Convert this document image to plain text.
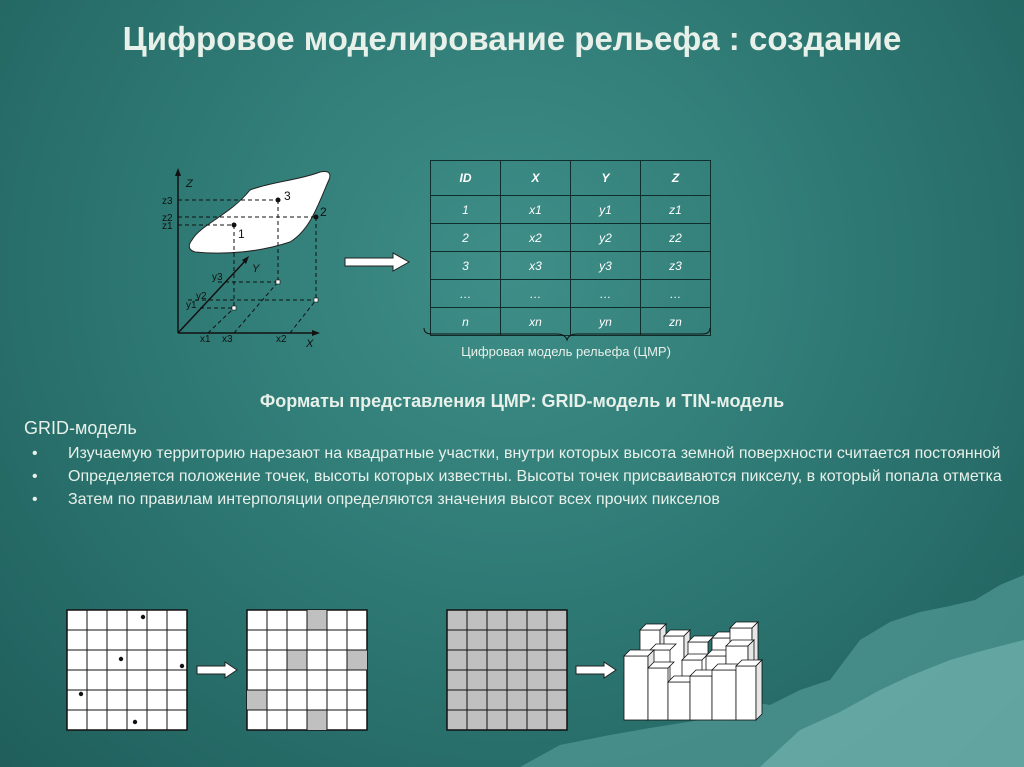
Цифровое моделирование рельефа : создание
Z
Y
X
z3
z2
z1
y3
y2
y1
x1 x3	x2
1
2
3
ID	X	Y	Z
1	x1	y1	z1
2	x2	y2	z2
3	x3	y3	z3
…	…	…	…
n	xn	yn	zn
Цифровая модель рельефа (ЦМР)
Форматы представления ЦМР: GRID-модель и TIN-модель
GRID-модель
• Изучаемую территорию нарезают на квадратные участки, внутри которых высота земной поверхности считается постоянной
• Определяется положение точек, высоты которых известны. Высоты точек присваиваются пикселу, в который попала отметка
• Затем по правилам интерполяции определяются значения высот всех прочих пикселов
